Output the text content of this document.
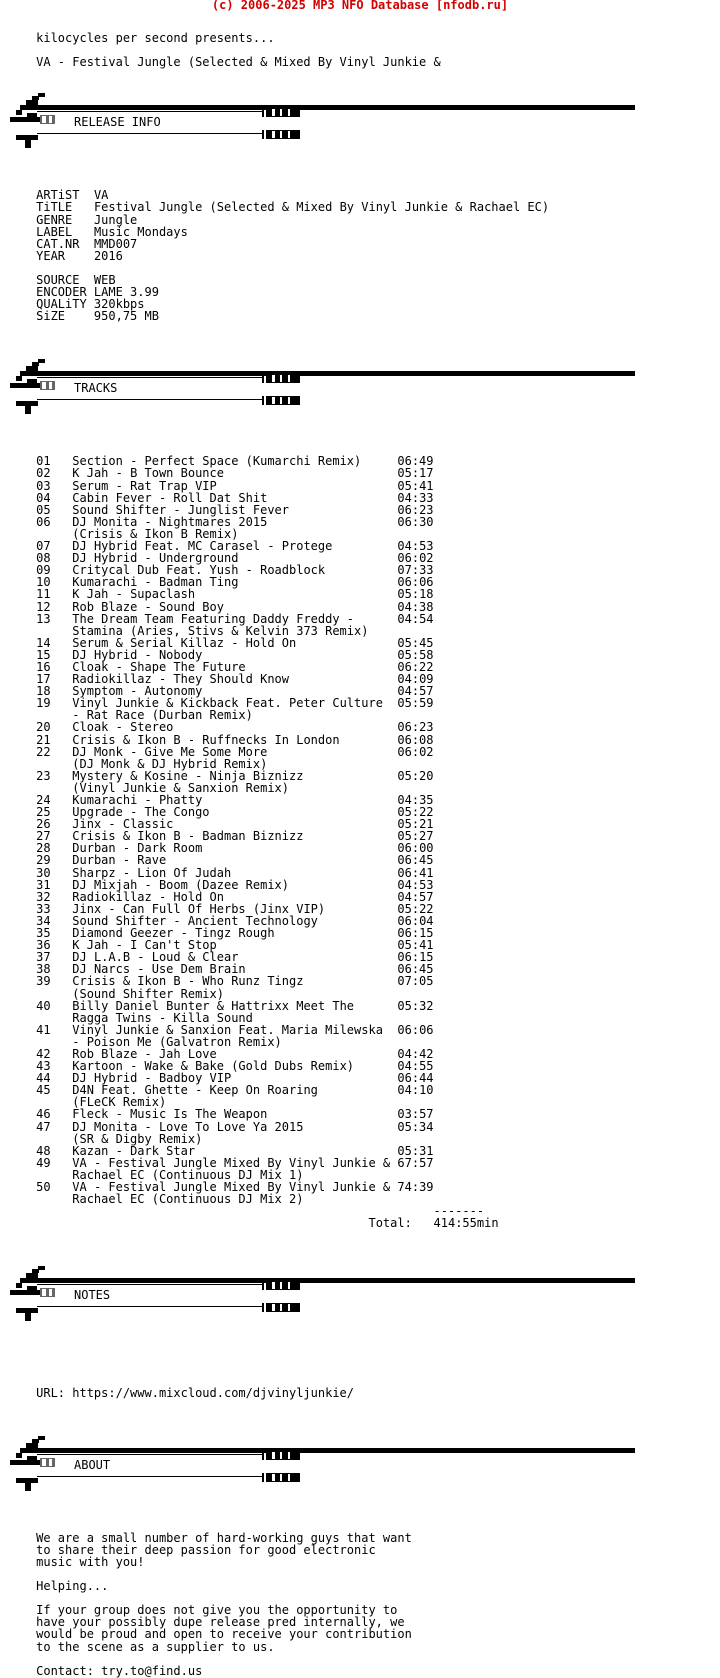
(c) 2006-2025 MP3 NFO Database [nfodb.ru]

kilocycles per second presents...

VA - Festival Jungle (Selected & Mixed By Vinyl Junkie &

ARTiST VA
TiTLE   Festival Jungle (Selected & Mixed By Vinyl Junkie & Rachael EC)
GENRE   Jungle
LABEL   Music Mondays
CAT.NR MMD007
YEAR    2016

SOURCE  WEB
ENCODER LAME 3.99
QUALiTY 320kbps
SiZE    950,75 MB

01 Section - Perfect Space (Kumarchi Remix)	06:49
02 K Jah - B Town Bounce	05:17
03 Serum - Rat Trap VIP	05:41
04 Cabin Fever - Roll Dat Shit	04:33
05 Sound Shifter - Junglist Fever	06:23
06 DJ Monita - Nightmares 2015	06:30
(Crisis & Ikon B Remix)
07 DJ Hybrid Feat. MC Carasel - Protege	04:53
08 DJ Hybrid - Underground	06:02
09 Critycal Dub Feat. Yush - Roadblock	07:33
10 Kumarachi - Badman Ting	06:06
11 K Jah - Supaclash	05:18
12 Rob Blaze - Sound Boy	04:38
13 The Dream Team Featuring Daddy Freddy -	04:54
Stamina (Aries, Stivs & Kelvin 373 Remix)
14 Serum & Serial Killaz - Hold On	05:45
15 DJ Hybrid - Nobody	05:58
16 Cloak - Shape The Future	06:22
17 Radiokillaz - They Should Know	04:09
18 Symptom - Autonomy	04:57
19 Vinyl Junkie & Kickback Feat. Peter Culture 05:59
- Rat Race (Durban Remix)
20 Cloak - Stereo	06:23
21 Crisis & Ikon B - Ruffnecks In London	06:08
22 DJ Monk - Give Me Some More	06:02
(DJ Monk & DJ Hybrid Remix)
23 Mystery & Kosine - Ninja Biznizz	05:20
(Vinyl Junkie & Sanxion Remix)
24 Kumarachi - Phatty	04:35
25 Upgrade - The Congo	05:22
26 Jinx - Classic	05:21
27 Crisis & Ikon B - Badman Biznizz	05:27
28 Durban - Dark Room	06:00
29 Durban - Rave	06:45
30 Sharpz - Lion Of Judah	06:41
31 DJ Mixjah - Boom (Dazee Remix)	04:53
32 Radiokillaz - Hold On	04:57
33 Jinx - Can Full Of Herbs (Jinx VIP)	05:22
34 Sound Shifter - Ancient Technology	06:04
35 Diamond Geezer - Tingz Rough	06:15
36 K Jah - I Can't Stop	05:41
37 DJ L.A.B - Loud & Clear	06:15
38 DJ Narcs - Use Dem Brain	06:45
39 Crisis & Ikon B - Who Runz Tingz	07:05
(Sound Shifter Remix)
40 Billy Daniel Bunter & Hattrixx Meet The	05:32
Ragga Twins - Killa Sound
41 Vinyl Junkie & Sanxion Feat. Maria Milewska 06:06
- Poison Me (Galvatron Remix)
42 Rob Blaze - Jah Love	04:42
43 Kartoon - Wake & Bake (Gold Dubs Remix)	04:55
44 DJ Hybrid - Badboy VIP	06:44
45 D4N Feat. Ghette - Keep On Roaring	04:10
(FLeCK Remix)
46 Fleck - Music Is The Weapon	03:57
47 DJ Monita - Love To Love Ya 2015	05:34
(SR & Digby Remix)
48 Kazan - Dark Star	05:31
49 VA - Festival Jungle Mixed By Vinyl Junkie & 67:57
Rachael EC (Continuous DJ Mix 1)
50 VA - Festival Jungle Mixed By Vinyl Junkie & 74:39
Rachael EC (Continuous DJ Mix 2)
-------
Total: 414:55min

URL: https://www.mixcloud.com/djvinyljunkie/

We are a small number of hard-working guys that want
to share their deep passion for good electronic
music with you!

Helping...

If your group does not give you the opportunity to
have your possibly dupe release pred internally, we
would be proud and open to receive your contribution
to the scene as a supplier to us.

Contact: try.to@find.us

RELEASE INFO
TRACKS
NOTES
ABOUT
